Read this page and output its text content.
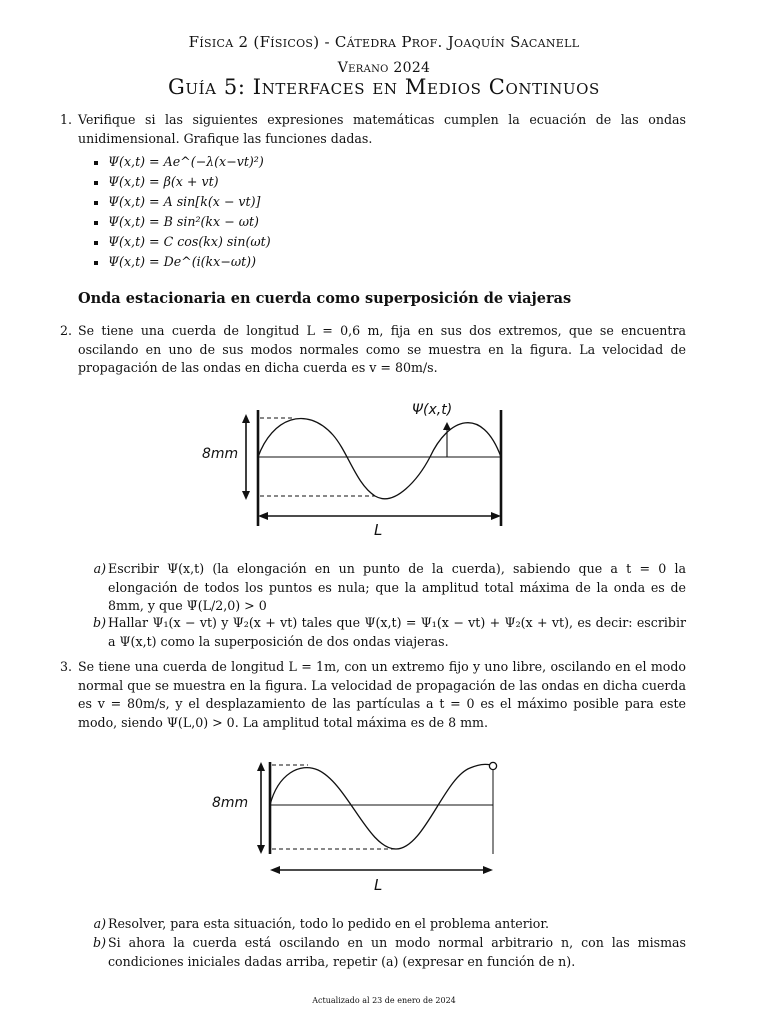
Física 2 (Físicos) - Cátedra Prof. Joaquín Sacanell
Verano 2024
Guía 5: Interfaces en Medios Continuos
1. Verifique si las siguientes expresiones matemáticas cumplen la ecuación de las ondas unidimensional. Grafique las funciones dadas.
Ψ(x,t) = Ae^(−λ(x−vt)²)
Ψ(x,t) = β(x + vt)
Ψ(x,t) = A sin[k(x − vt)]
Ψ(x,t) = B sin²(kx − ωt)
Ψ(x,t) = C cos(kx) sin(ωt)
Ψ(x,t) = De^(i(kx−ωt))
Onda estacionaria en cuerda como superposición de viajeras
2. Se tiene una cuerda de longitud L = 0,6 m, fija en sus dos extremos, que se encuentra oscilando en uno de sus modos normales como se muestra en la figura. La velocidad de propagación de las ondas en dicha cuerda es v = 80m/s.
8mm
Ψ(x,t)
L
a) Escribir Ψ(x,t) (la elongación en un punto de la cuerda), sabiendo que a t = 0 la elongación de todos los puntos es nula; que la amplitud total máxima de la onda es de 8mm, y que Ψ̇(L/2,0) > 0
b) Hallar Ψ₁(x − vt) y Ψ₂(x + vt) tales que Ψ(x,t) = Ψ₁(x − vt) + Ψ₂(x + vt), es decir: escribir a Ψ(x,t) como la superposición de dos ondas viajeras.
3. Se tiene una cuerda de longitud L = 1m, con un extremo fijo y uno libre, oscilando en el modo normal que se muestra en la figura. La velocidad de propagación de las ondas en dicha cuerda es v = 80m/s, y el desplazamiento de las partículas a t = 0 es el máximo posible para este modo, siendo Ψ(L,0) > 0. La amplitud total máxima es de 8 mm.
8mm
L
a) Resolver, para esta situación, todo lo pedido en el problema anterior.
b) Si ahora la cuerda está oscilando en un modo normal arbitrario n, con las mismas condiciones iniciales dadas arriba, repetir (a) (expresar en función de n).
Actualizado al 23 de enero de 2024
